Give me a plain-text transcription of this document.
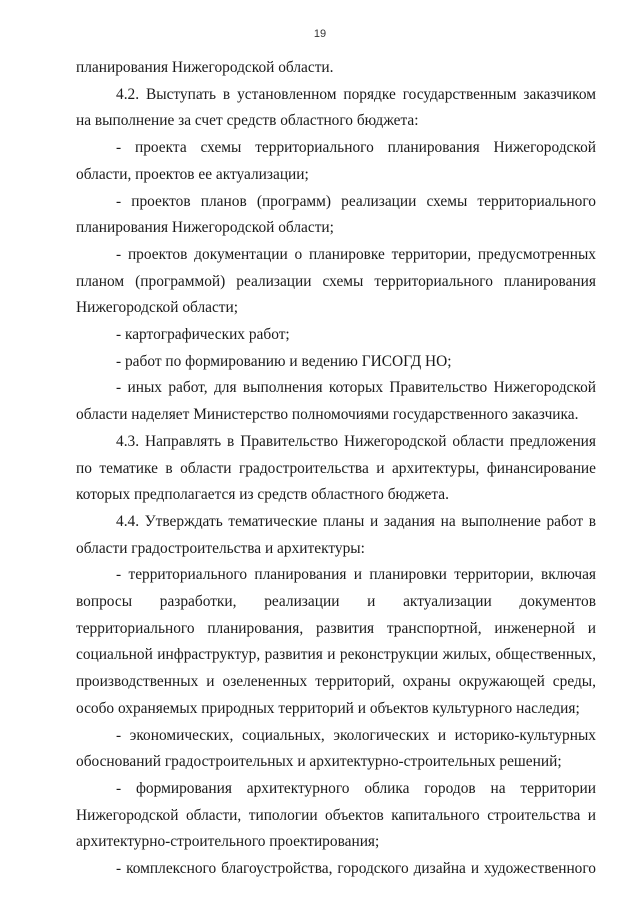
19

планирования Нижегородской области.

4.2. Выступать в установленном порядке государственным заказчиком на выполнение за счет средств областного бюджета:

- проекта схемы территориального планирования Нижегородской области, проектов ее актуализации;

- проектов планов (программ) реализации схемы территориального планирования Нижегородской области;

- проектов документации о планировке территории, предусмотренных планом (программой) реализации схемы территориального планирования Нижегородской области;

- картографических работ;

- работ по формированию и ведению ГИСОГД НО;

- иных работ, для выполнения которых Правительство Нижегородской области наделяет Министерство полномочиями государственного заказчика.

4.3. Направлять в Правительство Нижегородской области предложения по тематике в области градостроительства и архитектуры, финансирование которых предполагается из средств областного бюджета.

4.4. Утверждать тематические планы и задания на выполнение работ в области градостроительства и архитектуры:

- территориального планирования и планировки территории, включая вопросы разработки, реализации и актуализации документов территориального планирования, развития транспортной, инженерной и социальной инфраструктур, развития и реконструкции жилых, общественных, производственных и озелененных территорий, охраны окружающей среды, особо охраняемых природных территорий и объектов культурного наследия;

- экономических, социальных, экологических и историко-культурных обоснований градостроительных и архитектурно-строительных решений;

- формирования архитектурного облика городов на территории Нижегородской области, типологии объектов капитального строительства и архитектурно-строительного проектирования;

- комплексного благоустройства, городского дизайна и художественного
